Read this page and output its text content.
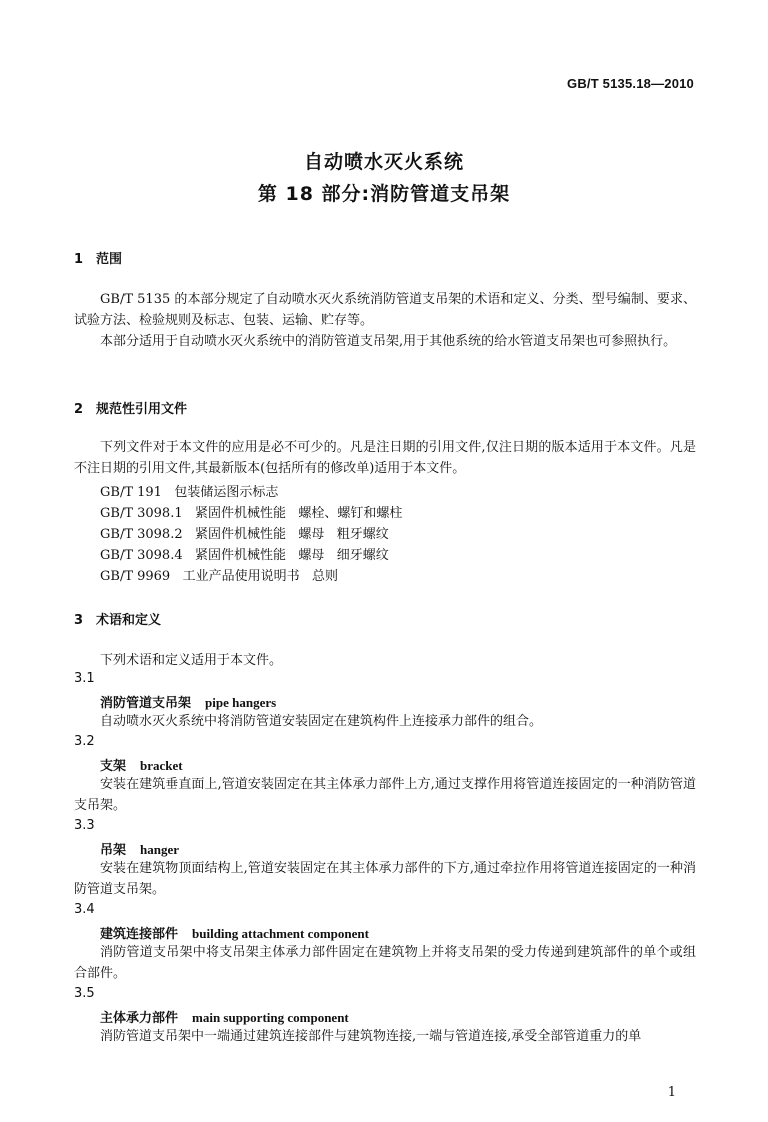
GB/T 5135.18—2010
自动喷水灭火系统
第 18 部分:消防管道支吊架
1 范围
GB/T 5135 的本部分规定了自动喷水灭火系统消防管道支吊架的术语和定义、分类、型号编制、要求、试验方法、检验规则及标志、包装、运输、贮存等。
本部分适用于自动喷水灭火系统中的消防管道支吊架,用于其他系统的给水管道支吊架也可参照执行。
2 规范性引用文件
下列文件对于本文件的应用是必不可少的。凡是注日期的引用文件,仅注日期的版本适用于本文件。凡是不注日期的引用文件,其最新版本(包括所有的修改单)适用于本文件。
GB/T 191   包装储运图示标志
GB/T 3098.1   紧固件机械性能   螺栓、螺钉和螺柱
GB/T 3098.2   紧固件机械性能   螺母   粗牙螺纹
GB/T 3098.4   紧固件机械性能   螺母   细牙螺纹
GB/T 9969   工业产品使用说明书   总则
3 术语和定义
下列术语和定义适用于本文件。
3.1
消防管道支吊架 pipe hangers
自动喷水灭火系统中将消防管道安装固定在建筑构件上连接承力部件的组合。
3.2
支架 bracket
安装在建筑垂直面上,管道安装固定在其主体承力部件上方,通过支撑作用将管道连接固定的一种消防管道支吊架。
3.3
吊架 hanger
安装在建筑物顶面结构上,管道安装固定在其主体承力部件的下方,通过牵拉作用将管道连接固定的一种消防管道支吊架。
3.4
建筑连接部件 building attachment component
消防管道支吊架中将支吊架主体承力部件固定在建筑物上并将支吊架的受力传递到建筑部件的单个或组合部件。
3.5
主体承力部件 main supporting component
消防管道支吊架中一端通过建筑连接部件与建筑物连接,一端与管道连接,承受全部管道重力的单
1
